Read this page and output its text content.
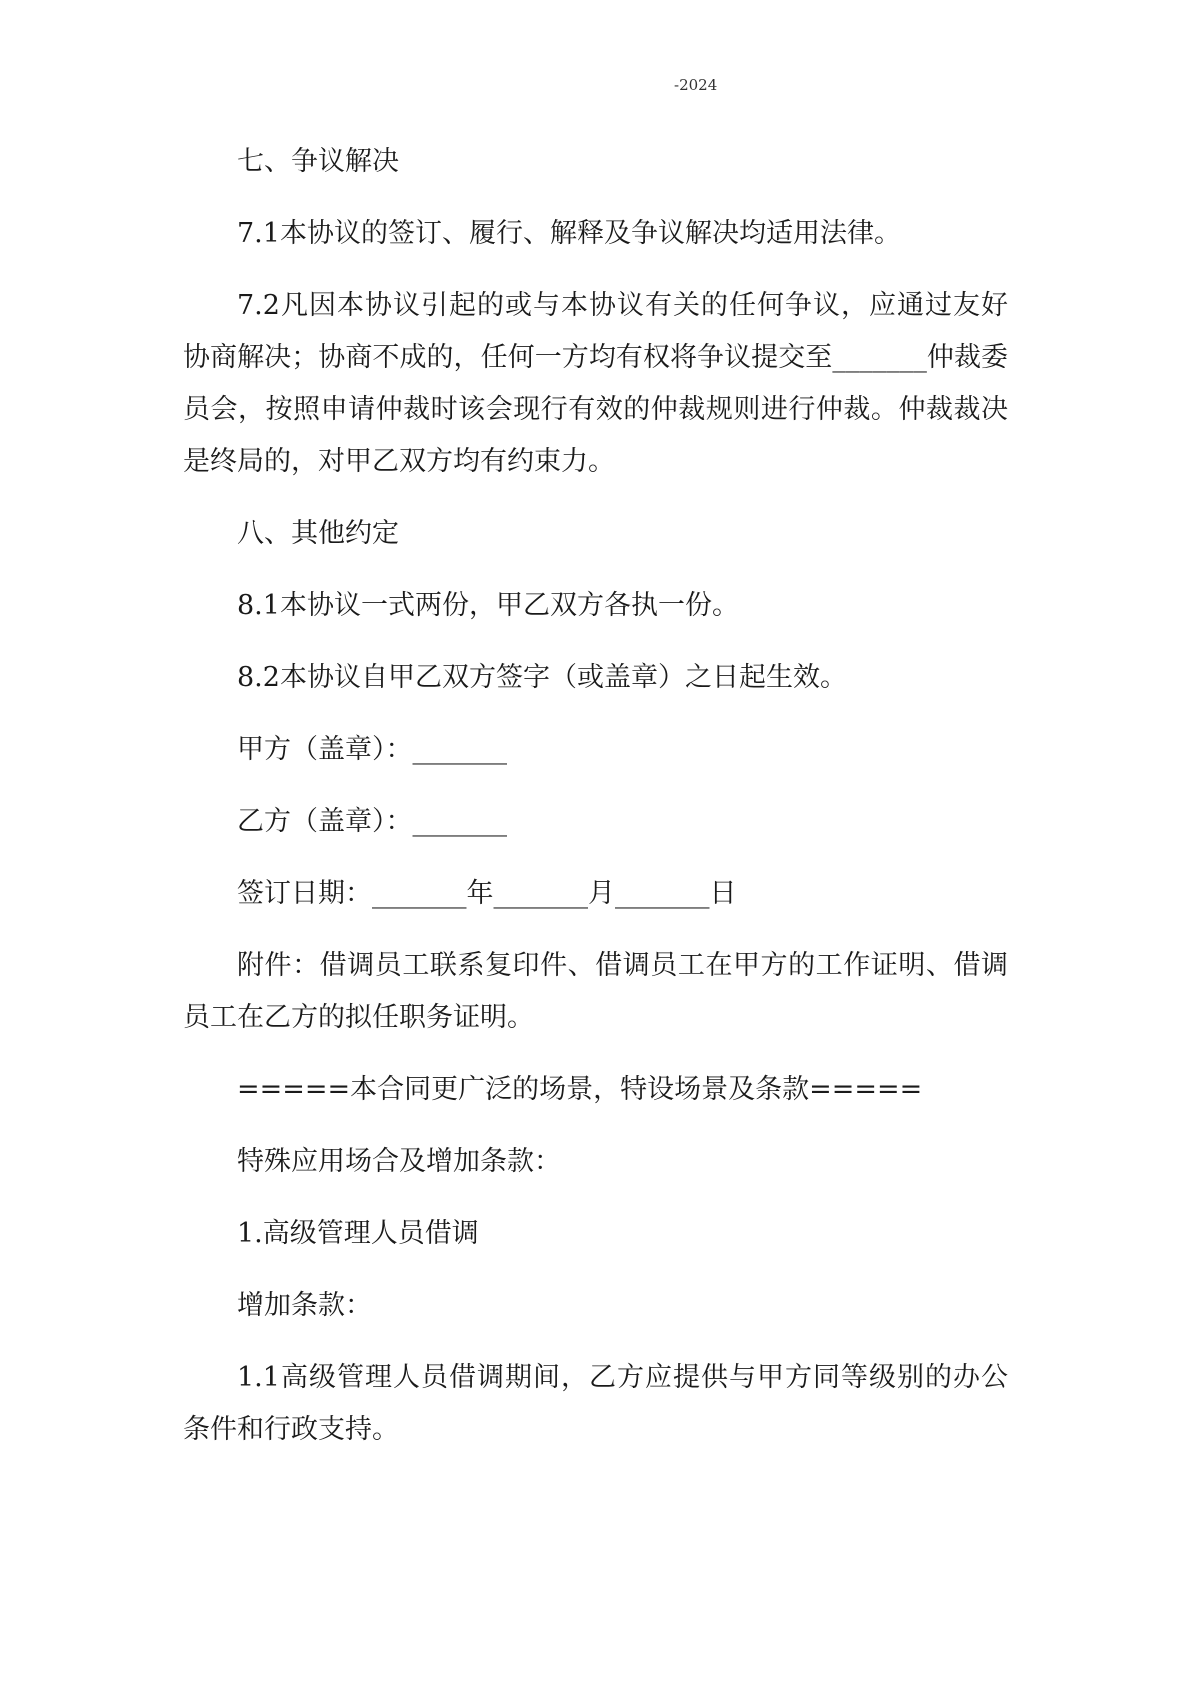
-2024

七、争议解决

7.1本协议的签订、履行、解释及争议解决均适用法律。

7.2凡因本协议引起的或与本协议有关的任何争议，应通过友好协商解决；协商不成的，任何一方均有权将争议提交至_______仲裁委员会，按照申请仲裁时该会现行有效的仲裁规则进行仲裁。仲裁裁决是终局的，对甲乙双方均有约束力。

八、其他约定

8.1本协议一式两份，甲乙双方各执一份。

8.2本协议自甲乙双方签字（或盖章）之日起生效。

甲方（盖章）：_______

乙方（盖章）：_______

签订日期：_______年_______月_______日

附件：借调员工联系复印件、借调员工在甲方的工作证明、借调员工在乙方的拟任职务证明。

=====本合同更广泛的场景，特设场景及条款=====

特殊应用场合及增加条款：

1.高级管理人员借调

增加条款：

1.1高级管理人员借调期间，乙方应提供与甲方同等级别的办公条件和行政支持。
